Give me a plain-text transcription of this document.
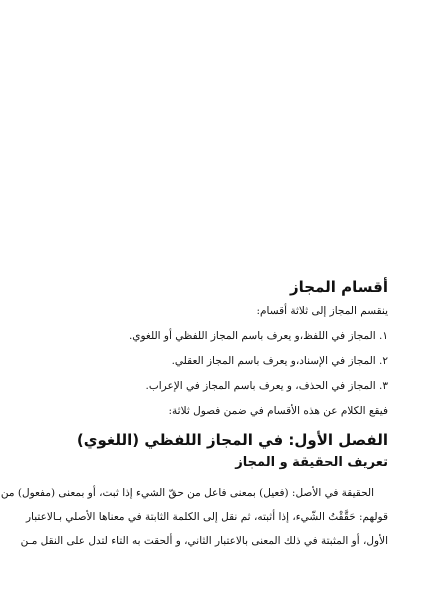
أقسام المجاز

ينقسم المجاز إلى ثلاثة أقسام:

١. المجاز في اللفظ،و يعرف باسم المجاز اللفظي أو اللغوي.

٢. المجاز في الإسناد،و يعرف باسم المجاز العقلي.

٣. المجاز في الحذف، و يعرف باسم المجاز في الإعراب.

فيقع الكلام عن هذه الأقسام في ضمن فصول ثلاثة:

الفصل الأول: في المجاز اللفظي (اللغوي)
تعريف الحقيقة و المجاز
الحقيقة في الأصل: (فعيل) بمعنى فاعل من حقّ الشيء إذا ثبت، أو بمعنى (مفعول) من
قولهم: حَقَّقْتُ الشّيء، إذا أثبته، ثم نقل إلى الكلمة الثابتة في معناها الأصلي بـالاعتبار
الأول، أو المثبتة في ذلك المعنى بالاعتبار الثاني، و ألحقت به التاء لتدل على النقل مـن
